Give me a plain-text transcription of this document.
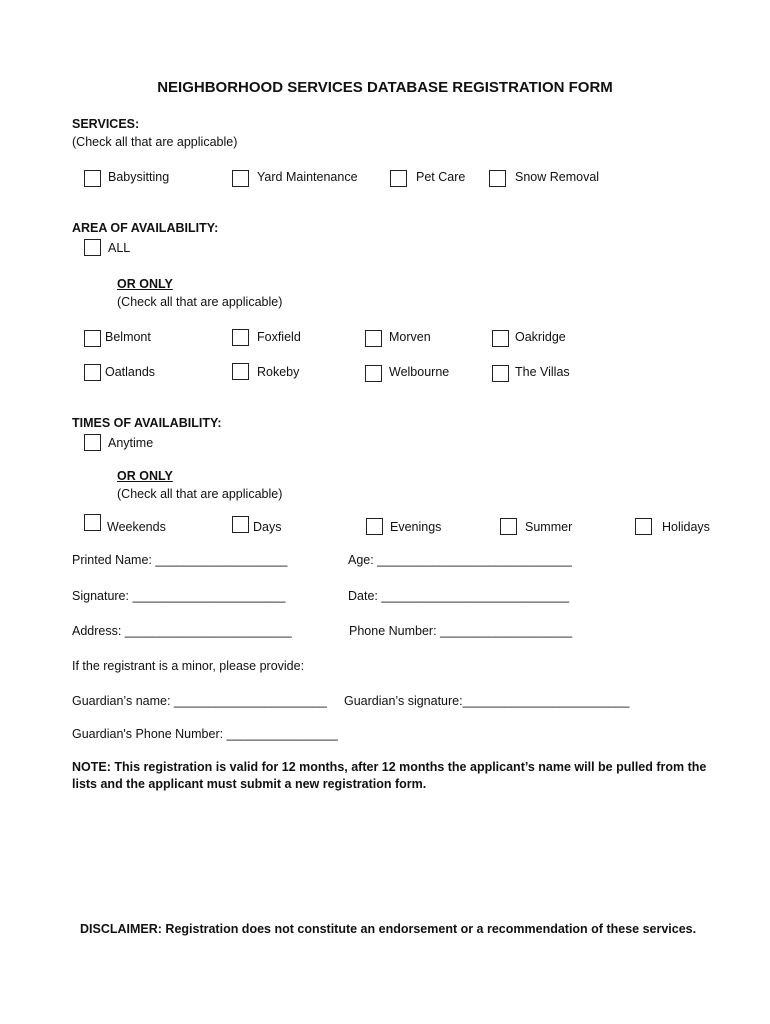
NEIGHBORHOOD SERVICES DATABASE REGISTRATION FORM
SERVICES:
(Check all that are applicable)
Babysitting	Yard Maintenance	Pet Care	Snow Removal
AREA OF AVAILABILITY:
ALL
OR ONLY
(Check all that are applicable)
Belmont	Foxfield	Morven	Oakridge
Oatlands	Rokeby	Welbourne	The Villas
TIMES OF AVAILABILITY:
Anytime
OR ONLY
(Check all that are applicable)
Weekends	Days	Evenings	Summer	Holidays
Printed Name: ___________________	Age: ____________________________
Signature: ______________________	Date: ___________________________
Address: ________________________	Phone Number: ___________________
If the registrant is a minor, please provide:
Guardian’s name: ______________________ Guardian’s signature:________________________
Guardian's Phone Number: ________________
NOTE: This registration is valid for 12 months, after 12 months the applicant’s name will be pulled from the lists and the applicant must submit a new registration form.
DISCLAIMER: Registration does not constitute an endorsement or a recommendation of these services.
